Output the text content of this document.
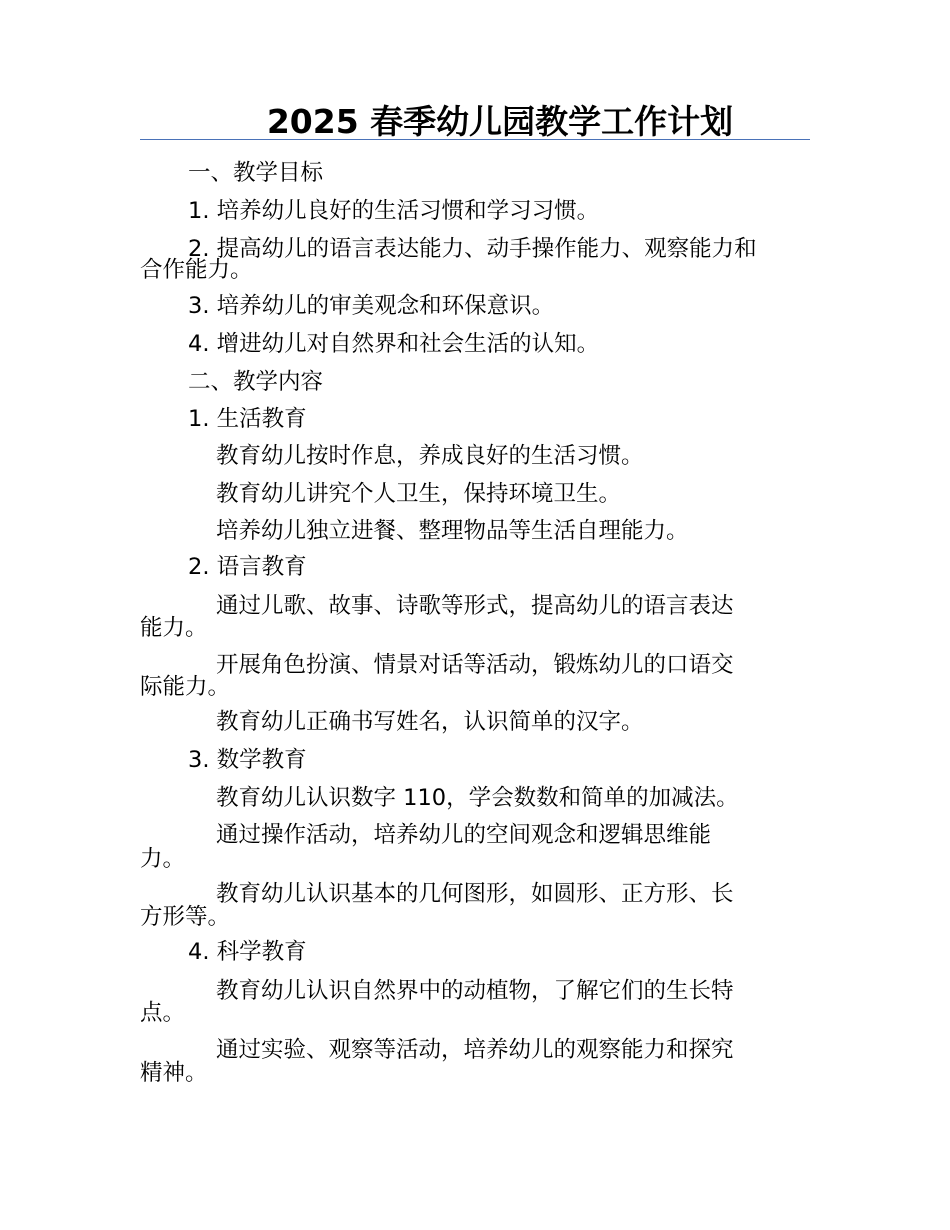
2025 春季幼儿园教学工作计划
一、教学目标
1. 培养幼儿良好的生活习惯和学习习惯。
2. 提高幼儿的语言表达能力、动手操作能力、观察能力和
合作能力。
3. 培养幼儿的审美观念和环保意识。
4. 增进幼儿对自然界和社会生活的认知。
二、教学内容
1. 生活教育
教育幼儿按时作息，养成良好的生活习惯。
教育幼儿讲究个人卫生，保持环境卫生。
培养幼儿独立进餐、整理物品等生活自理能力。
2. 语言教育
通过儿歌、故事、诗歌等形式，提高幼儿的语言表达
能力。
开展角色扮演、情景对话等活动，锻炼幼儿的口语交
际能力。
教育幼儿正确书写姓名，认识简单的汉字。
3. 数学教育
教育幼儿认识数字 110，学会数数和简单的加减法。
通过操作活动，培养幼儿的空间观念和逻辑思维能
力。
教育幼儿认识基本的几何图形，如圆形、正方形、长
方形等。
4. 科学教育
教育幼儿认识自然界中的动植物，了解它们的生长特
点。
通过实验、观察等活动，培养幼儿的观察能力和探究
精神。
